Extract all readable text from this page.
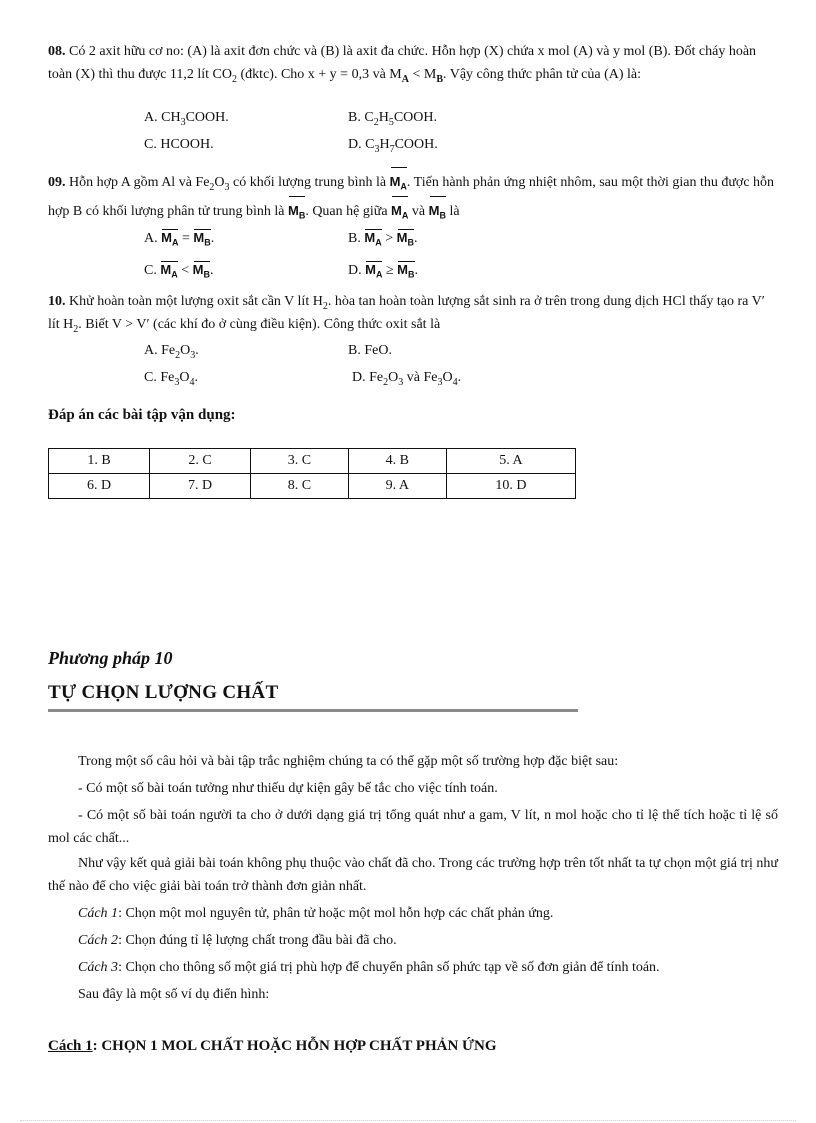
08. Có 2 axit hữu cơ no: (A) là axit đơn chức và (B) là axit đa chức. Hỗn hợp (X) chứa x mol (A) và y mol (B). Đốt cháy hoàn toàn (X) thì thu được 11,2 lít $CO_2$ (đktc). Cho x + y = 0,3 và $M_A < M_B$. Vậy công thức phân tử của (A) là:
A. $CH_3COOH$.	B. $C_2H_5COOH$.
C. HCOOH.	D. $C_3H_7COOH$.
09. Hỗn hợp A gồm Al và $Fe_2O_3$ có khối lượng trung bình là $M_A$. Tiến hành phản ứng nhiệt nhôm, sau một thời gian thu được hỗn hợp B có khối lượng phân tử trung bình là $M_B$. Quan hệ giữa $M_A$ và $M_B$ là
A. $M_A = M_B$.	B. $M_A > M_B$.
C. $M_A < M_B$.	D. $M_A \ge M_B$.
10. Khử hoàn toàn một lượng oxit sắt cần V lít $H_2$. hòa tan hoàn toàn lượng sắt sinh ra ở trên trong dung dịch HCl thấy tạo ra V′ lít $H_2$. Biết V > V′ (các khí đo ở cùng điều kiện). Công thức oxit sắt là
A. $Fe_2O_3$.	B. FeO.
C. $Fe_3O_4$.	D. $Fe_2O_3$ và $Fe_3O_4$.
Đáp án các bài tập vận dụng:
1. B	2. C	3. C	4. B	5. A
6. D	7. D	8. C	9. A	10. D
Phương pháp 10
TỰ CHỌN LƯỢNG CHẤT
Trong một số câu hỏi và bài tập trắc nghiệm chúng ta có thể gặp một số trường hợp đặc biệt sau:
- Có một số bài toán tưởng như thiếu dự kiện gây bế tắc cho việc tính toán.
- Có một số bài toán người ta cho ở dưới dạng giá trị tổng quát như a gam, V lít, n mol hoặc cho tỉ lệ thể tích hoặc tỉ lệ số mol các chất...
Như vậy kết quả giải bài toán không phụ thuộc vào chất đã cho. Trong các trường hợp trên tốt nhất ta tự chọn một giá trị như thế nào để cho việc giải bài toán trở thành đơn giản nhất.
Cách 1: Chọn một mol nguyên tử, phân tử hoặc một mol hỗn hợp các chất phản ứng.
Cách 2: Chọn đúng tỉ lệ lượng chất trong đầu bài đã cho.
Cách 3: Chọn cho thông số một giá trị phù hợp để chuyển phân số phức tạp về số đơn giản để tính toán.
Sau đây là một số ví dụ điển hình:
Cách 1: CHỌN 1 MOL CHẤT HOẶC HỖN HỢP CHẤT PHẢN ỨNG
